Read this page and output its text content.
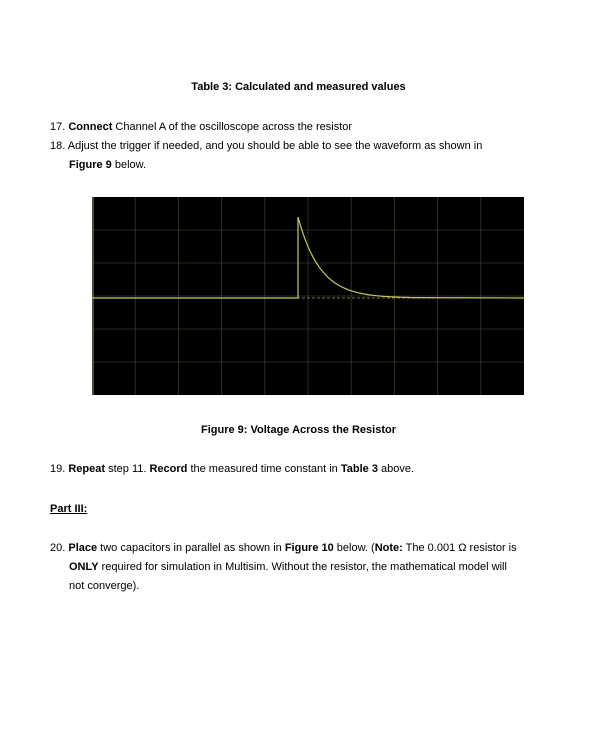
Table 3: Calculated and measured values
17. Connect Channel A of the oscilloscope across the resistor
18. Adjust the trigger if needed, and you should be able to see the waveform as shown in
Figure 9 below.
Figure 9: Voltage Across the Resistor
19. Repeat step 11. Record the measured time constant in Table 3 above.
Part III:
20. Place two capacitors in parallel as shown in Figure 10 below. (Note: The 0.001 Ω resistor is
ONLY required for simulation in Multisim. Without the resistor, the mathematical model will
not converge).
